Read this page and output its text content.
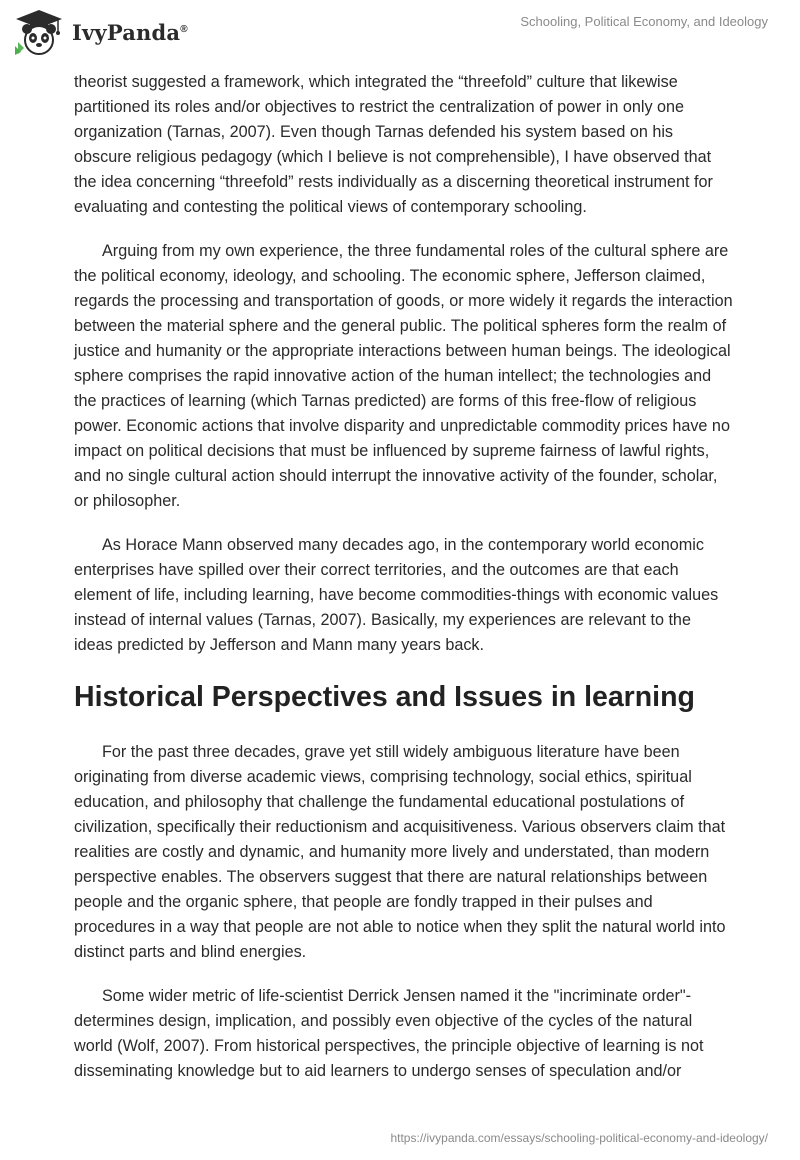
IvyPanda®	Schooling, Political Economy, and Ideology

theorist suggested a framework, which integrated the “threefold” culture that likewise partitioned its roles and/or objectives to restrict the centralization of power in only one organization (Tarnas, 2007). Even though Tarnas defended his system based on his obscure religious pedagogy (which I believe is not comprehensible), I have observed that the idea concerning “threefold” rests individually as a discerning theoretical instrument for evaluating and contesting the political views of contemporary schooling.

Arguing from my own experience, the three fundamental roles of the cultural sphere are the political economy, ideology, and schooling. The economic sphere, Jefferson claimed, regards the processing and transportation of goods, or more widely it regards the interaction between the material sphere and the general public. The political spheres form the realm of justice and humanity or the appropriate interactions between human beings. The ideological sphere comprises the rapid innovative action of the human intellect; the technologies and the practices of learning (which Tarnas predicted) are forms of this free-flow of religious power. Economic actions that involve disparity and unpredictable commodity prices have no impact on political decisions that must be influenced by supreme fairness of lawful rights, and no single cultural action should interrupt the innovative activity of the founder, scholar, or philosopher.

As Horace Mann observed many decades ago, in the contemporary world economic enterprises have spilled over their correct territories, and the outcomes are that each element of life, including learning, have become commodities-things with economic values instead of internal values (Tarnas, 2007). Basically, my experiences are relevant to the ideas predicted by Jefferson and Mann many years back.

Historical Perspectives and Issues in learning

For the past three decades, grave yet still widely ambiguous literature have been originating from diverse academic views, comprising technology, social ethics, spiritual education, and philosophy that challenge the fundamental educational postulations of civilization, specifically their reductionism and acquisitiveness. Various observers claim that realities are costly and dynamic, and humanity more lively and understated, than modern perspective enables. The observers suggest that there are natural relationships between people and the organic sphere, that people are fondly trapped in their pulses and procedures in a way that people are not able to notice when they split the natural world into distinct parts and blind energies.

Some wider metric of life-scientist Derrick Jensen named it the "incriminate order"- determines design, implication, and possibly even objective of the cycles of the natural world (Wolf, 2007). From historical perspectives, the principle objective of learning is not disseminating knowledge but to aid learners to undergo senses of speculation and/or

https://ivypanda.com/essays/schooling-political-economy-and-ideology/
